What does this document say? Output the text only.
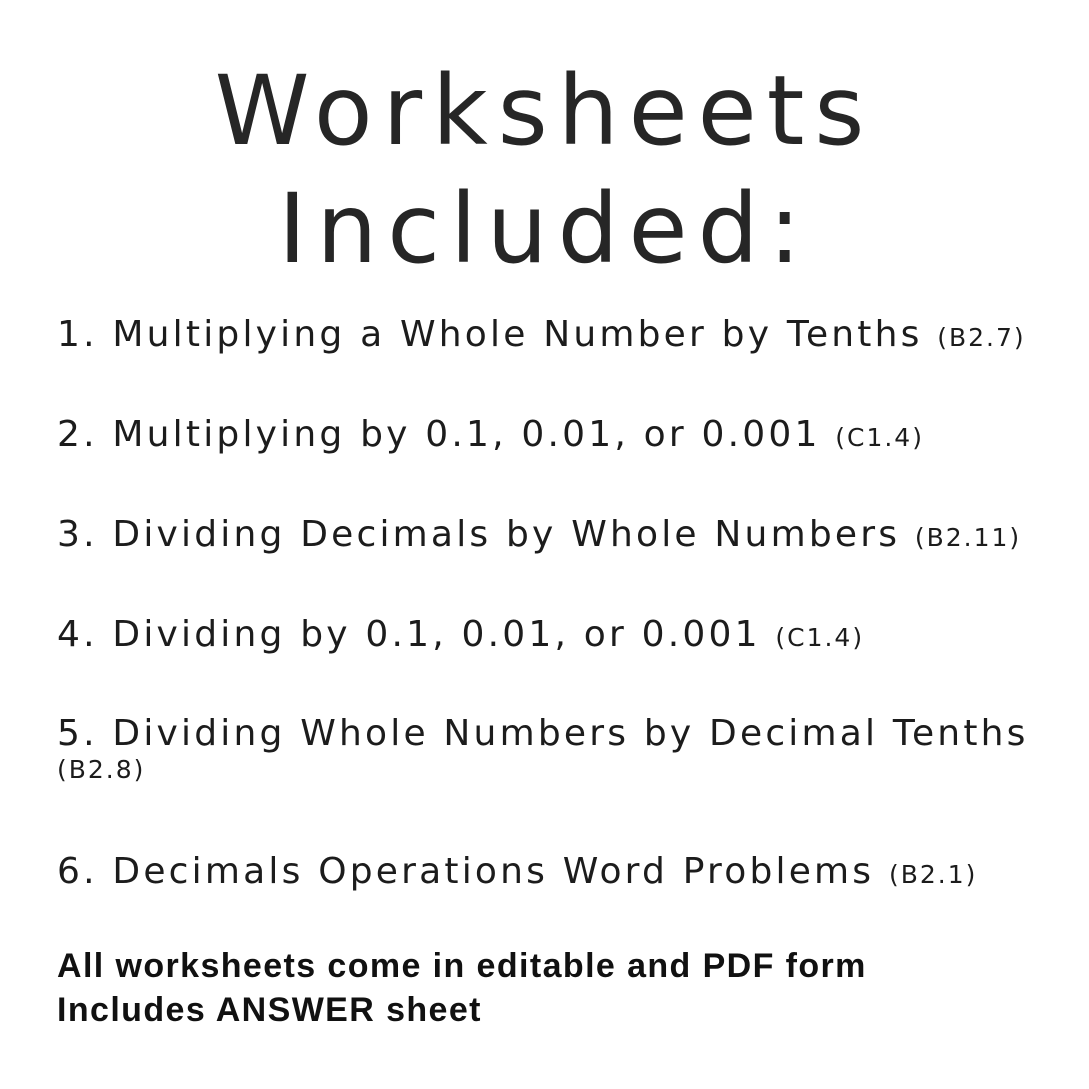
Worksheets
Included:
1. Multiplying a Whole Number by Tenths (B2.7)
2. Multiplying by 0.1, 0.01, or 0.001 (C1.4)
3. Dividing Decimals by Whole Numbers (B2.11)
4. Dividing by 0.1, 0.01, or 0.001 (C1.4)
5. Dividing Whole Numbers by Decimal Tenths
(B2.8)
6. Decimals Operations Word Problems (B2.1)
All worksheets come in editable and PDF form
Includes ANSWER sheet
